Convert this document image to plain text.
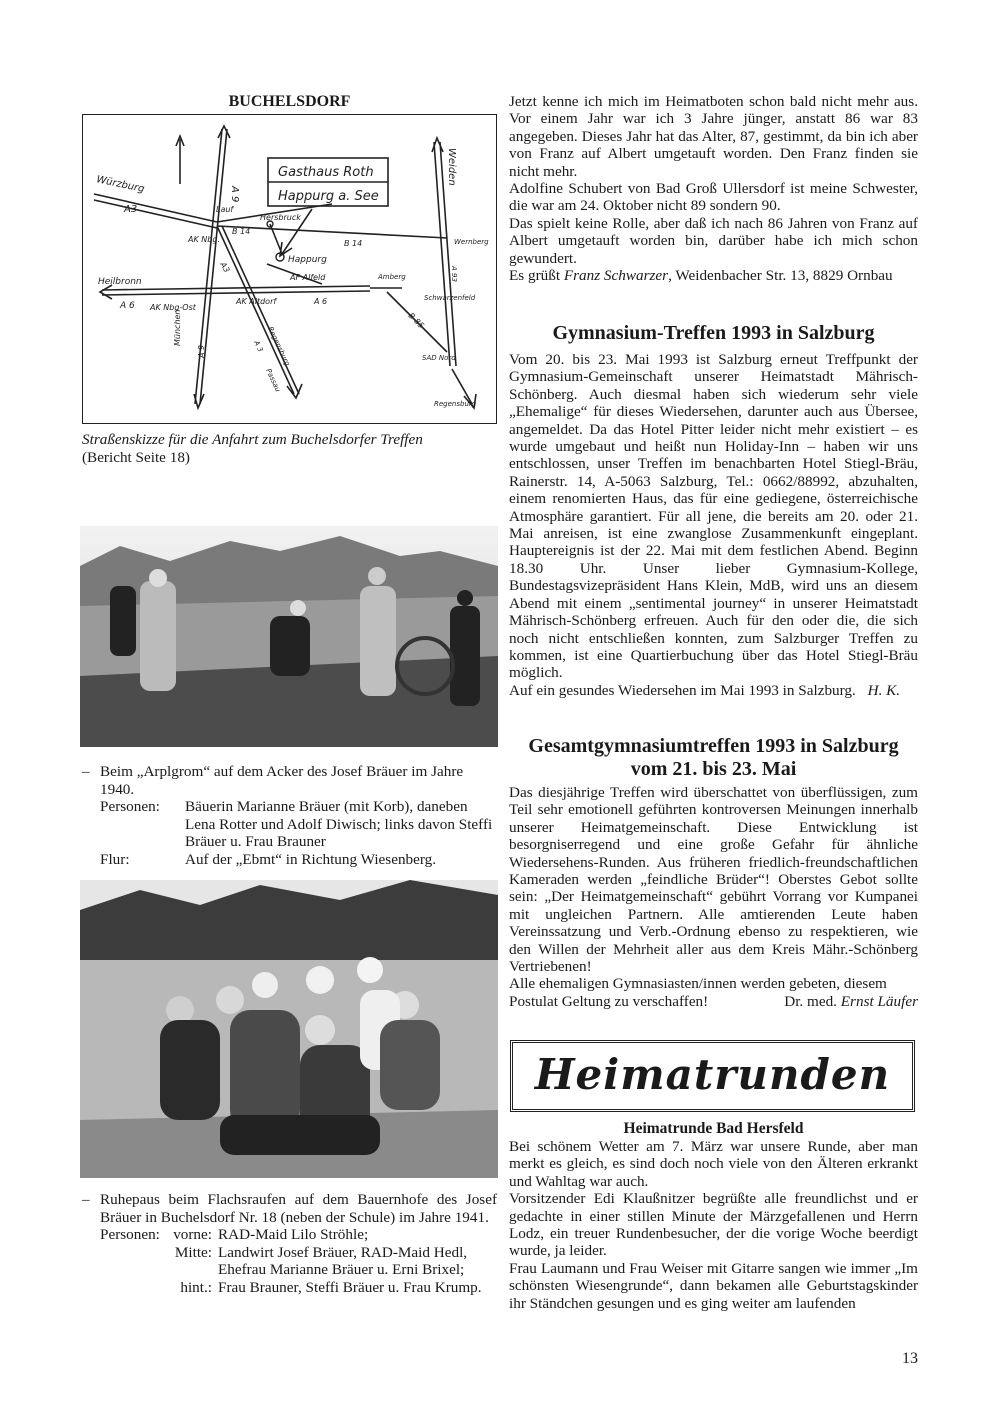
BUCHELSDORF
Würzburg
A3
A 9
Gasthaus Roth
Happurg a. See
Weiden
Lauf
Hersbruck
B 14
B 14
AK Nbg.
Happurg
Wernberg
A3
Heilbronn	AF Alfeld	Amberg	A 93
A 6 AK Nbg-Ost
AK Altdorf	A 6	Schwarzenfeld
B 85
München
A 9	A 3 Regensburg
Passau
SAD Nord
Regensburg
Straßenskizze für die Anfahrt zum Buchelsdorfer Treffen
(Bericht Seite 18)
– Beim „Arplgrom“ auf dem Acker des Josef Bräuer im Jahre 1940.
Personen:	Bäuerin Marianne Bräuer (mit Korb), daneben Lena Rotter und Adolf Diwisch; links davon Steffi Bräuer u. Frau Brauner
Flur:	Auf der „Ebmt“ in Richtung Wiesenberg.
– Ruhepaus beim Flachsraufen auf dem Bauernhofe des Josef Bräuer in Buchelsdorf Nr. 18 (neben der Schule) im Jahre 1941.
Personen: vorne: RAD-Maid Lilo Ströhle;
Mitte: Landwirt Josef Bräuer, RAD-Maid Hedl, Ehefrau Marianne Bräuer u. Erni Brixel;
hint.: Frau Brauner, Steffi Bräuer u. Frau Krump.

Jetzt kenne ich mich im Heimatboten schon bald nicht mehr aus. Vor einem Jahr war ich 3 Jahre jünger, anstatt 86 war 83 angegeben. Dieses Jahr hat das Alter, 87, gestimmt, da bin ich aber von Franz auf Albert umgetauft worden. Den Franz finden sie nicht mehr.

Adolfine Schubert von Bad Groß Ullersdorf ist meine Schwester, die war am 24. Oktober nicht 89 sondern 90.

Das spielt keine Rolle, aber daß ich nach 86 Jahren von Franz auf Albert umgetauft worden bin, darüber habe ich mich schon gewundert.

Es grüßt Franz Schwarzer, Weidenbacher Str. 13, 8829 Ornbau

Gymnasium-Treffen 1993 in Salzburg

Vom 20. bis 23. Mai 1993 ist Salzburg erneut Treffpunkt der Gymnasium-Gemeinschaft unserer Heimatstadt Mährisch-Schönberg. Auch diesmal haben sich wiederum sehr viele „Ehemalige“ für dieses Wiedersehen, darunter auch aus Übersee, angemeldet. Da das Hotel Pitter leider nicht mehr existiert – es wurde umgebaut und heißt nun Holiday-Inn – haben wir uns entschlossen, unser Treffen im benachbarten Hotel Stiegl-Bräu, Rainerstr. 14, A-5063 Salzburg, Tel.: 0662/88992, abzuhalten, einem renomierten Haus, das für eine gediegene, österreichische Atmosphäre garantiert. Für all jene, die bereits am 20. oder 21. Mai anreisen, ist eine zwanglose Zusammenkunft eingeplant. Hauptereignis ist der 22. Mai mit dem festlichen Abend. Beginn 18.30 Uhr. Unser lieber Gymnasium-Kollege, Bundestagsvizepräsident Hans Klein, MdB, wird uns an diesem Abend mit einem „sentimental journey“ in unserer Heimatstadt Mährisch-Schönberg erfreuen. Auch für den oder die, die sich noch nicht entschließen konnten, zum Salzburger Treffen zu kommen, ist eine Quartierbuchung über das Hotel Stiegl-Bräu möglich.

Auf ein gesundes Wiedersehen im Mai 1993 in Salzburg. H. K.

Gesamtgymnasiumtreffen 1993 in Salzburg
vom 21. bis 23. Mai

Das diesjährige Treffen wird überschattet von überflüssigen, zum Teil sehr emotionell geführten kontroversen Meinungen innerhalb unserer Heimatgemeinschaft. Diese Entwicklung ist besorgniserregend und eine große Gefahr für ähnliche Wiedersehens-Runden. Aus früheren friedlich-freundschaftlichen Kameraden werden „feindliche Brüder“! Oberstes Gebot sollte sein: „Der Heimatgemeinschaft“ gebührt Vorrang vor Kumpanei mit ungleichen Partnern. Alle amtierenden Leute haben Vereinssatzung und Verb.-Ordnung ebenso zu respektieren, wie den Willen der Mehrheit aller aus dem Kreis Mähr.-Schönberg Vertriebenen!

Alle ehemaligen Gymnasiasten/innen werden gebeten, diesem Postulat Geltung zu verschaffen!	Dr. med. Ernst Läufer

Heimatrunden
Heimatrunde Bad Hersfeld

Bei schönem Wetter am 7. März war unsere Runde, aber man merkt es gleich, es sind doch noch viele von den Älteren erkrankt und Wahltag war auch.

Vorsitzender Edi Klaußnitzer begrüßte alle freundlichst und er gedachte in einer stillen Minute der Märzgefallenen und Herrn Lodz, ein treuer Rundenbesucher, der die vorige Woche beerdigt wurde, ja leider.

Frau Laumann und Frau Weiser mit Gitarre sangen wie immer „Im schönsten Wiesengrunde“, dann bekamen alle Geburtstagskinder ihr Ständchen gesungen und es ging weiter am laufenden

13
